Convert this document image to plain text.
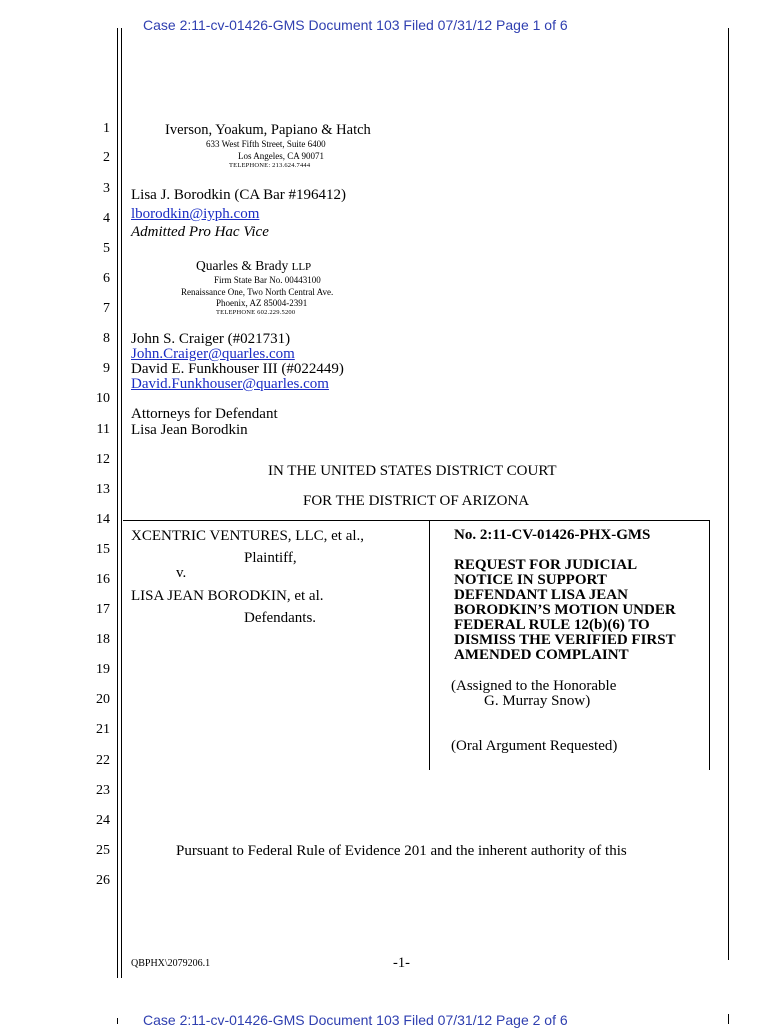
Case 2:11-cv-01426-GMS Document 103 Filed 07/31/12 Page 1 of 6
1
2
3
4
5
6
7
8
9
10
11
12
13
14
15
16
17
18
19
20
21
22
23
24
25
26
Iverson, Yoakum, Papiano & Hatch
633 West Fifth Street, Suite 6400
Los Angeles, CA 90071
TELEPHONE: 213.624.7444
Lisa J. Borodkin (CA Bar #196412)
lborodkin@iyph.com
Admitted Pro Hac Vice
Quarles & Brady LLP
Firm State Bar No. 00443100
Renaissance One, Two North Central Ave.
Phoenix, AZ 85004-2391
TELEPHONE 602.229.5200
John S. Craiger (#021731)
John.Craiger@quarles.com
David E. Funkhouser III (#022449)
David.Funkhouser@quarles.com
Attorneys for Defendant
Lisa Jean Borodkin
IN THE UNITED STATES DISTRICT COURT
FOR THE DISTRICT OF ARIZONA
XCENTRIC VENTURES, LLC, et al.,
Plaintiff,
v.
LISA JEAN BORODKIN, et al.
Defendants.
No. 2:11-CV-01426-PHX-GMS
REQUEST FOR JUDICIAL
NOTICE IN SUPPORT
DEFENDANT LISA JEAN
BORODKIN’S MOTION UNDER
FEDERAL RULE 12(b)(6) TO
DISMISS THE VERIFIED FIRST
AMENDED COMPLAINT
(Assigned to the Honorable
G. Murray Snow)
(Oral Argument Requested)
Pursuant to Federal Rule of Evidence 201 and the inherent authority of this
QBPHX\2079206.1	-1-
Case 2:11-cv-01426-GMS Document 103 Filed 07/31/12 Page 2 of 6
